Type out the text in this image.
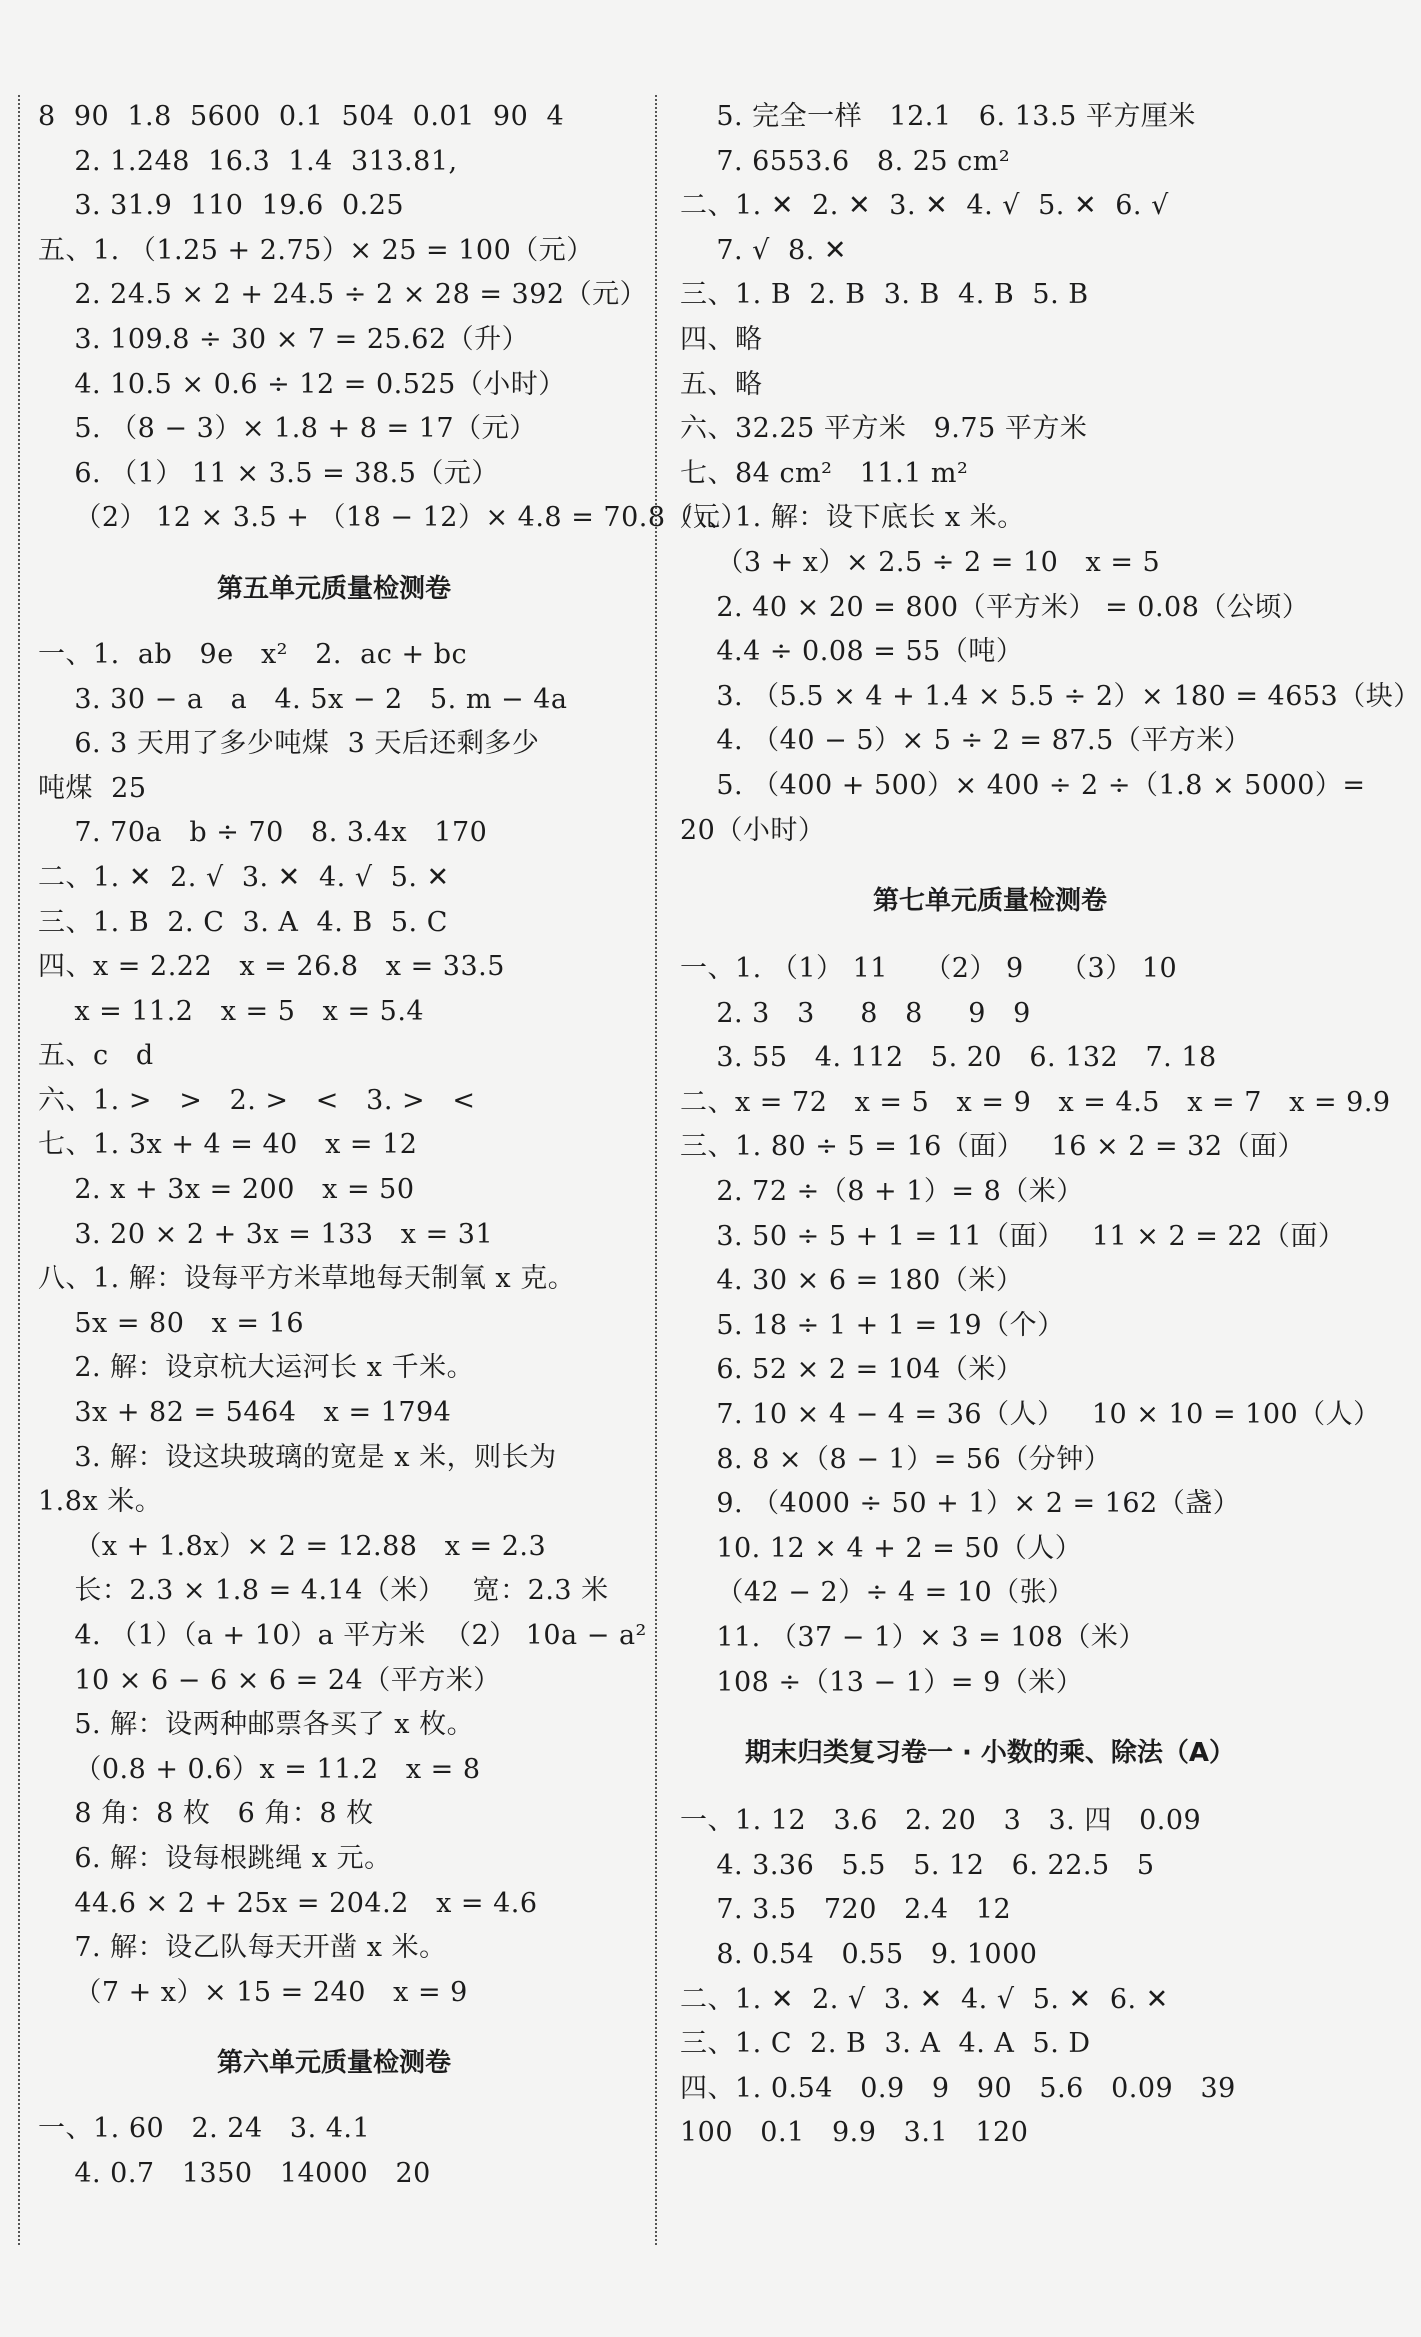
8  90  1.8  5600  0.1  504  0.01  90  4
2. 1.248  16.3̇  1.4  313.81,
3. 31.9  110  19.6  0.25
五、1. （1.25 + 2.75）× 25 = 100（元）
2. 24.5 × 2 + 24.5 ÷ 2 × 28 = 392（元）
3. 109.8 ÷ 30 × 7 = 25.62（升）
4. 10.5 × 0.6 ÷ 12 = 0.525（小时）
5. （8 − 3）× 1.8 + 8 = 17（元）
6. （1） 11 × 3.5 = 38.5（元）
（2） 12 × 3.5 + （18 − 12）× 4.8 = 70.8（元）
第五单元质量检测卷
一、1.  ab   9e   x²   2.  ac + bc
3. 30 − a   a   4. 5x − 2   5. m − 4a
6. 3 天用了多少吨煤  3 天后还剩多少
吨煤  25
7. 70a   b ÷ 70   8. 3.4x   170
二、1. ✕  2. √  3. ✕  4. √  5. ✕
三、1. B  2. C  3. A  4. B  5. C
四、x = 2.22   x = 26.8   x = 33.5
x = 11.2   x = 5   x = 5.4
五、c   d
六、1. >   >   2. >   <   3. >   <
七、1. 3x + 4 = 40   x = 12
2. x + 3x = 200   x = 50
3. 20 × 2 + 3x = 133   x = 31
八、1. 解：设每平方米草地每天制氧 x 克。
5x = 80   x = 16
2. 解：设京杭大运河长 x 千米。
3x + 82 = 5464   x = 1794
3. 解：设这块玻璃的宽是 x 米，则长为
1.8x 米。
（x + 1.8x）× 2 = 12.88   x = 2.3
长：2.3 × 1.8 = 4.14（米）   宽：2.3 米
4. （1）（a + 10）a 平方米  （2） 10a − a²
10 × 6 − 6 × 6 = 24（平方米）
5. 解：设两种邮票各买了 x 枚。
（0.8 + 0.6）x = 11.2   x = 8
8 角：8 枚   6 角：8 枚
6. 解：设每根跳绳 x 元。
44.6 × 2 + 25x = 204.2   x = 4.6
7. 解：设乙队每天开凿 x 米。
（7 + x）× 15 = 240   x = 9
第六单元质量检测卷
一、1. 60   2. 24   3. 4.1
4. 0.7   1350   14000   20
5. 完全一样   12.1   6. 13.5 平方厘米
7. 6553.6   8. 25 cm²
二、1. ✕  2. ✕  3. ✕  4. √  5. ✕  6. √
7. √  8. ✕
三、1. B  2. B  3. B  4. B  5. B
四、略
五、略
六、32.25 平方米   9.75 平方米
七、84 cm²   11.1 m²
八、1. 解：设下底长 x 米。
（3 + x）× 2.5 ÷ 2 = 10   x = 5
2. 40 × 20 = 800（平方米） = 0.08（公顷）
4.4 ÷ 0.08 = 55（吨）
3. （5.5 × 4 + 1.4 × 5.5 ÷ 2）× 180 = 4653（块）
4. （40 − 5）× 5 ÷ 2 = 87.5（平方米）
5. （400 + 500）× 400 ÷ 2 ÷（1.8 × 5000）=
20（小时）
第七单元质量检测卷
一、1. （1） 11    （2） 9    （3） 10
2. 3   3     8   8     9   9
3. 55   4. 112   5. 20   6. 132   7. 18
二、x = 72   x = 5   x = 9   x = 4.5   x = 7   x = 9.9
三、1. 80 ÷ 5 = 16（面）   16 × 2 = 32（面）
2. 72 ÷（8 + 1）= 8（米）
3. 50 ÷ 5 + 1 = 11（面）   11 × 2 = 22（面）
4. 30 × 6 = 180（米）
5. 18 ÷ 1 + 1 = 19（个）
6. 52 × 2 = 104（米）
7. 10 × 4 − 4 = 36（人）   10 × 10 = 100（人）
8. 8 ×（8 − 1）= 56（分钟）
9. （4000 ÷ 50 + 1）× 2 = 162（盏）
10. 12 × 4 + 2 = 50（人）
（42 − 2）÷ 4 = 10（张）
11. （37 − 1）× 3 = 108（米）
108 ÷（13 − 1）= 9（米）
期末归类复习卷一 · 小数的乘、除法（A）
一、1. 12   3.6   2. 20   3   3. 四   0.09
4. 3.36   5.5   5. 12   6. 22.5   5
7. 3.5   720   2.4   12
8. 0.5̇4̇   0.55   9. 1000
二、1. ✕  2. √  3. ✕  4. √  5. ✕  6. ✕
三、1. C  2. B  3. A  4. A  5. D
四、1. 0.54   0.9   9   90   5.6   0.09   39
100   0.1   9.9   3.1   120
